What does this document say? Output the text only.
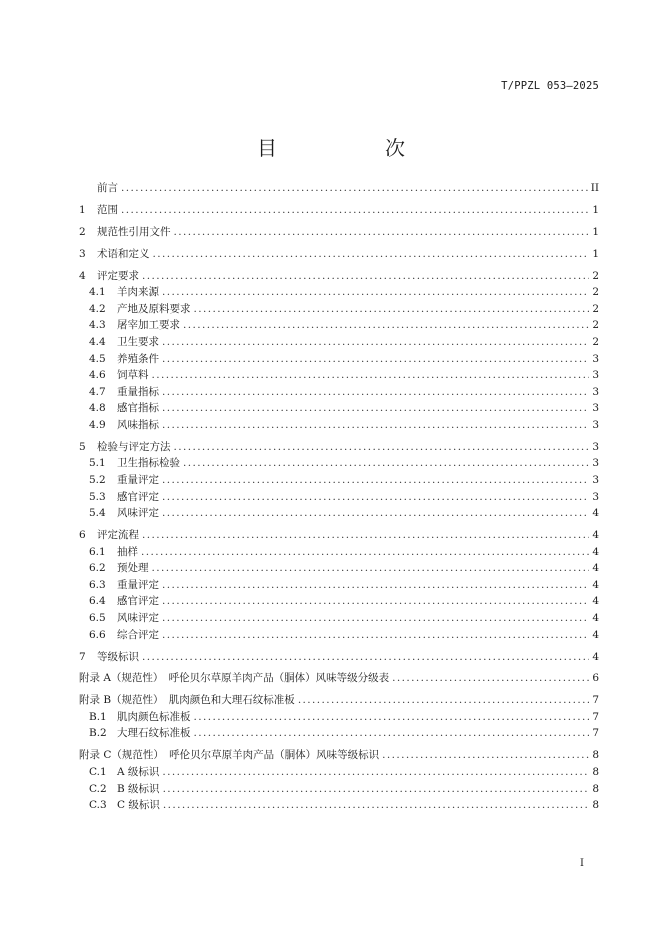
T/PPZL 053—2025
目　次
前言 .....	II
1	范围 .....	1
2	规范性引用文件 .....	1
3	术语和定义 .....	1
4	评定要求 .....	2
4.1	羊肉来源 .....	2
4.2	产地及原料要求 .....	2
4.3	屠宰加工要求 .....	2
4.4	卫生要求 .....	2
4.5	养殖条件 .....	3
4.6	饲草料 .....	3
4.7	重量指标 .....	3
4.8	感官指标 .....	3
4.9	风味指标 .....	3
5	检验与评定方法 .....	3
5.1	卫生指标检验 .....	3
5.2	重量评定 .....	3
5.3	感官评定 .....	3
5.4	风味评定 .....	4
6	评定流程 .....	4
6.1	抽样 .....	4
6.2	预处理 .....	4
6.3	重量评定 .....	4
6.4	感官评定 .....	4
6.5	风味评定 .....	4
6.6	综合评定 .....	4
7	等级标识 .....	4
附录 A（规范性）　呼伦贝尔草原羊肉产品（胴体）风味等级分级表 .....	6
附录 B（规范性）　肌肉颜色和大理石纹标准板 .....	7
B.1 肌肉颜色标准板 .....	7
B.2 大理石纹标准板 .....	7
附录 C（规范性）　呼伦贝尔草原羊肉产品（胴体）风味等级标识 .....	8
C.1 A 级标识 .....	8
C.2 B 级标识 .....	8
C.3 C 级标识 .....	8
I
